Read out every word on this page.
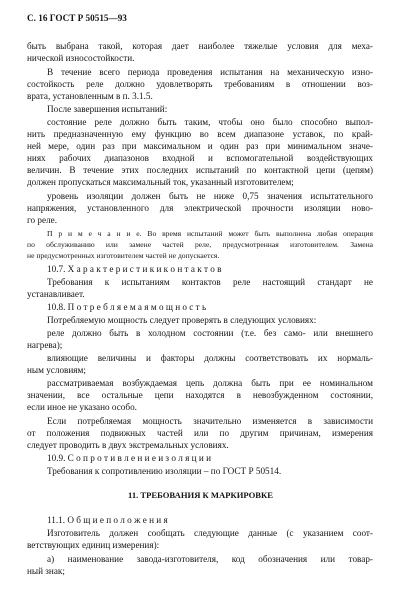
С. 16 ГОСТ Р 50515—93
быть выбрана такой, которая дает наиболее тяжелые условия для меха-
нической износостойкости.
В течение всего периода проведения испытания на механическую изно-
состойкость реле должно удовлетворять требованиям в отношении воз-
врата, установленным в п. 3.1.5.
После завершения испытаний:
состояние реле должно быть таким, чтобы оно было способно выпол-
нить предназначенную ему функцию во всем диапазоне уставок, по край-
ней мере, один раз при максимальном и один раз при минимальном значе-
ниях рабочих диапазонов входной и вспомогательной воздействующих
величин. В течение этих последних испытаний по контактной цепи (цепям)
должен пропускаться максимальный ток, указанный изготовителем;
уровень изоляции должен быть не ниже 0,75 значения испытательного
напряжения, установленного для электрической прочности изоляции ново-
го реле.
П р и м е ч а н и е. Во время испытаний может быть выполнена любая операция
по обслуживанию или замене частей реле, предусмотренная изготовителем. Замена
не предусмотренных изготовителем частей не допускается.
10.7. Х а р а к т е р и с т и к и к о н т а к т о в
Требования к испытаниям контактов реле настоящий стандарт не
устанавливает.
10.8. П о т р е б л я е м а я м о щ н о с т ь
Потребляемую мощность следует проверять в следующих условиях:
реле должно быть в холодном состоянии (т.е. без само- или внешнего
нагрева);
влияющие величины и факторы должны соответствовать их нормаль-
ным условиям;
рассматриваемая возбуждаемая цепь должна быть при ее номинальном
значении, все остальные цепи находятся в невозбужденном состоянии,
если иное не указано особо.
Если потребляемая мощность значительно изменяется в зависимости
от положения подвижных частей или по другим причинам, измерения
следует проводить в двух экстремальных условиях.
10.9. С о п р о т и в л е н и е и з о л я ц и и
Требования к сопротивлению изоляции – по ГОСТ Р 50514.
11. ТРЕБОВАНИЯ К МАРКИРОВКЕ
11.1. О б щ и е п о л о ж е н и я
Изготовитель должен сообщать следующие данные (с указанием соот-
ветствующих единиц измерения):
а) наименование завода-изготовителя, код обозначения или товар-
ный знак;
